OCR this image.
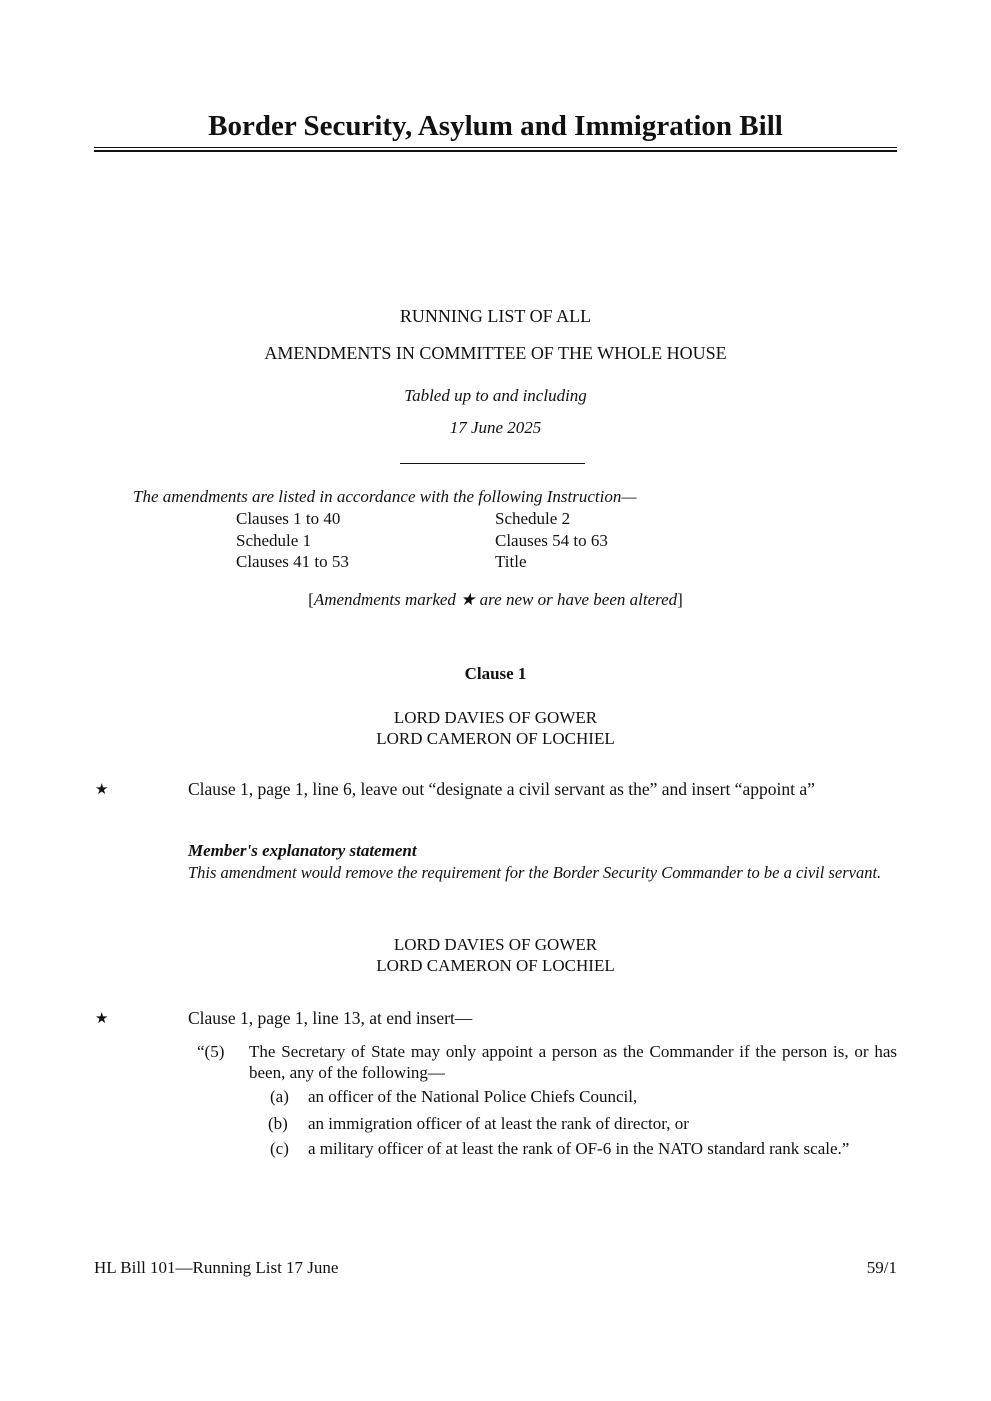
Border Security, Asylum and Immigration Bill
RUNNING LIST OF ALL
AMENDMENTS IN COMMITTEE OF THE WHOLE HOUSE
Tabled up to and including
17 June 2025
The amendments are listed in accordance with the following Instruction—
Clauses 1 to 40	Schedule 2
Schedule 1	Clauses 54 to 63
Clauses 41 to 53	Title
[Amendments marked ★ are new or have been altered]
Clause 1
LORD DAVIES OF GOWER
LORD CAMERON OF LOCHIEL
★	Clause 1, page 1, line 6, leave out “designate a civil servant as the” and insert “appoint a”
Member's explanatory statement
This amendment would remove the requirement for the Border Security Commander to be a civil servant.
LORD DAVIES OF GOWER
LORD CAMERON OF LOCHIEL
★	Clause 1, page 1, line 13, at end insert—
“(5) The Secretary of State may only appoint a person as the Commander if the person is, or has been, any of the following—
(a) an officer of the National Police Chiefs Council,
(b) an immigration officer of at least the rank of director, or
(c) a military officer of at least the rank of OF-6 in the NATO standard rank scale.”
HL Bill 101—Running List 17 June	59/1
